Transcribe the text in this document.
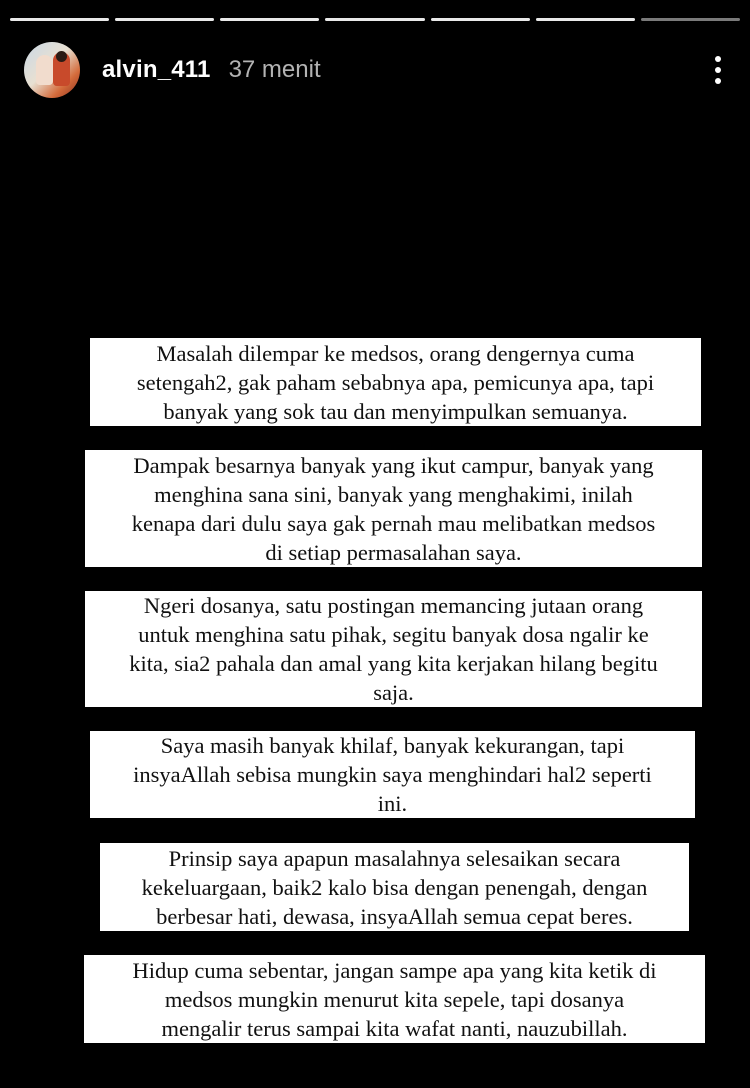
alvin_411 37 menit
Masalah dilempar ke medsos, orang dengernya cuma
setengah2, gak paham sebabnya apa, pemicunya apa, tapi
banyak yang sok tau dan menyimpulkan semuanya.
Dampak besarnya banyak yang ikut campur, banyak yang
menghina sana sini, banyak yang menghakimi, inilah
kenapa dari dulu saya gak pernah mau melibatkan medsos
di setiap permasalahan saya.
Ngeri dosanya, satu postingan memancing jutaan orang
untuk menghina satu pihak, segitu banyak dosa ngalir ke
kita, sia2 pahala dan amal yang kita kerjakan hilang begitu
saja.
Saya masih banyak khilaf, banyak kekurangan, tapi
insyaAllah sebisa mungkin saya menghindari hal2 seperti
ini.
Prinsip saya apapun masalahnya selesaikan secara
kekeluargaan, baik2 kalo bisa dengan penengah, dengan
berbesar hati, dewasa, insyaAllah semua cepat beres.
Hidup cuma sebentar, jangan sampe apa yang kita ketik di
medsos mungkin menurut kita sepele, tapi dosanya
mengalir terus sampai kita wafat nanti, nauzubillah.
